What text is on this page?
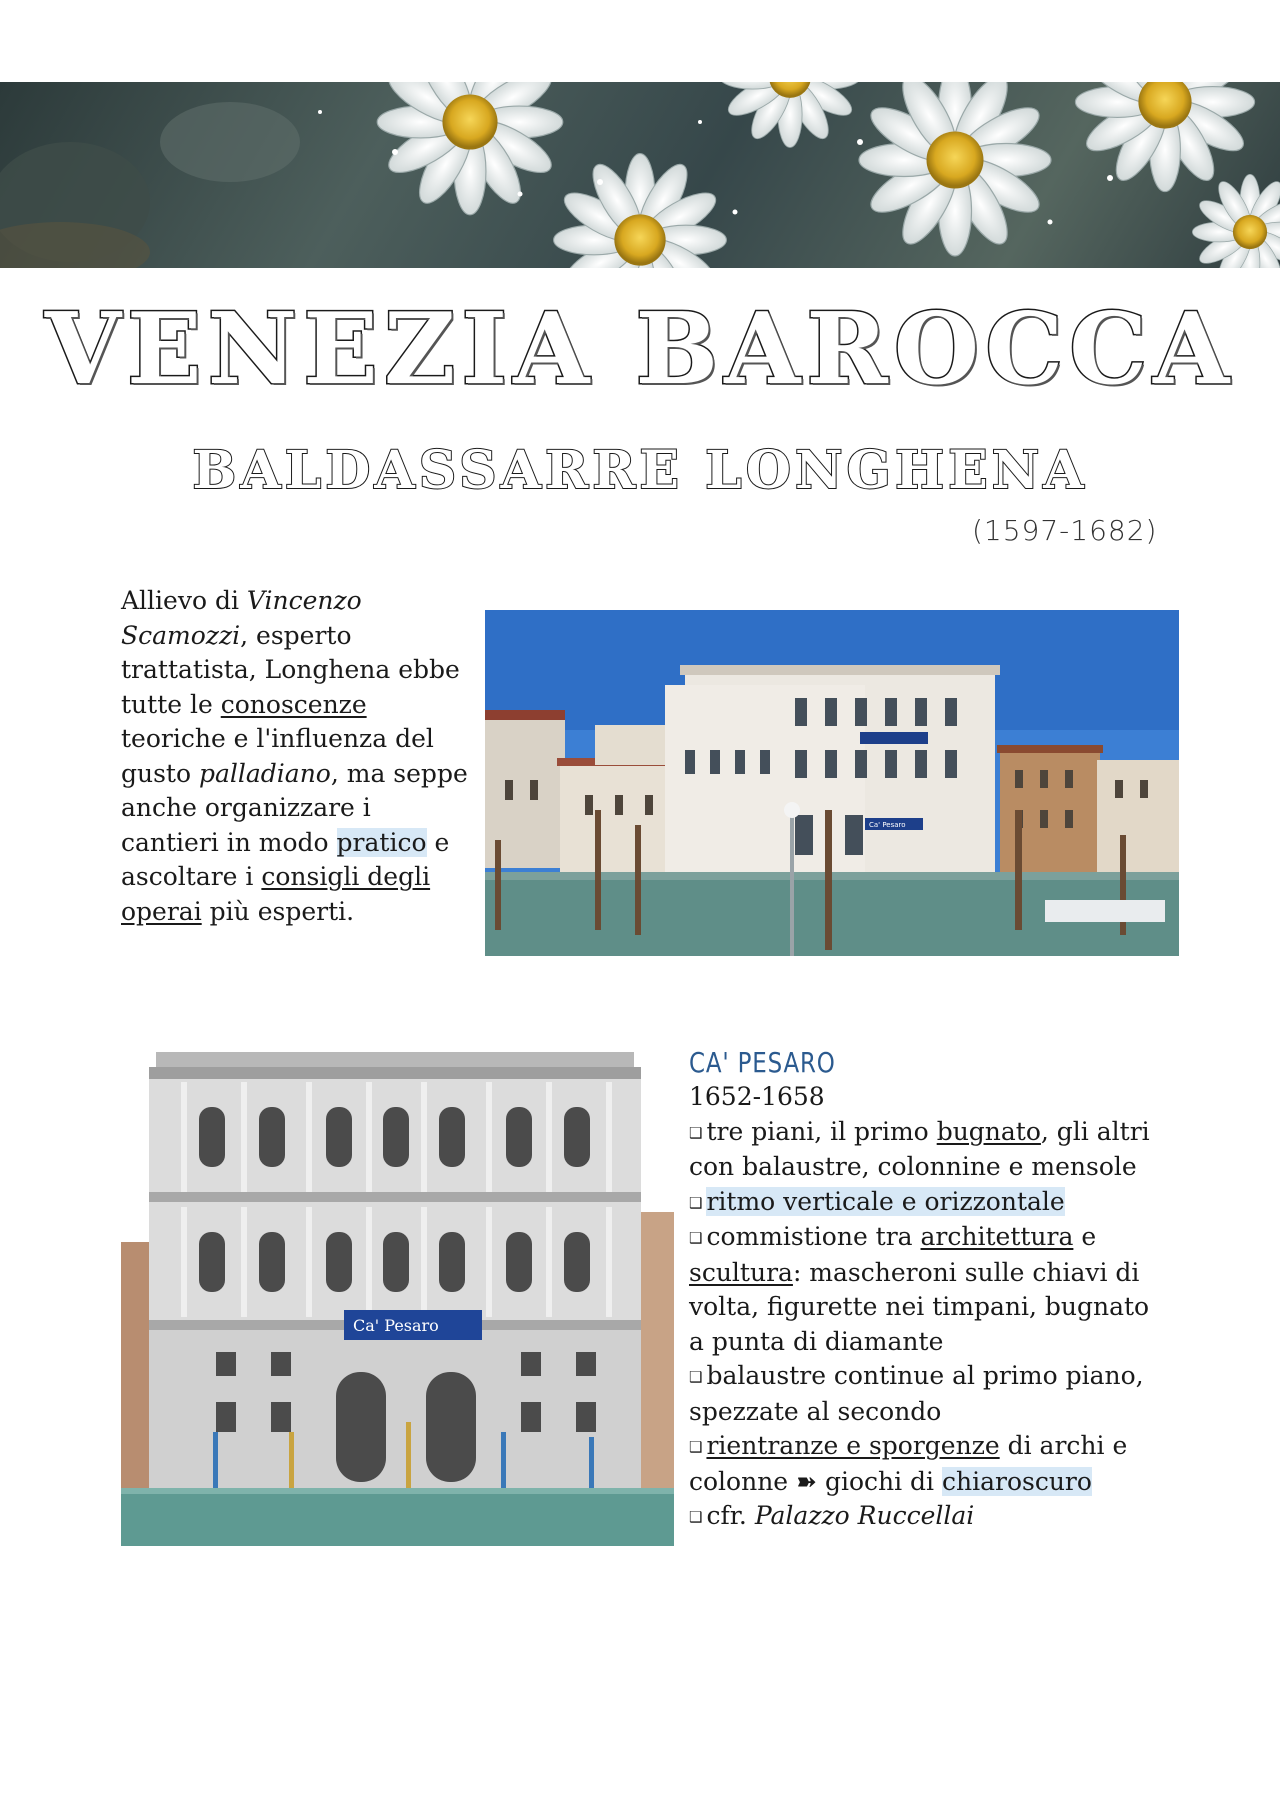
VENEZIA BAROCCA
BALDASSARRE LONGHENA
(1597-1682)
Allievo di Vincenzo Scamozzi, esperto trattatista, Longhena ebbe tutte le conoscenze teoriche e l'influenza del gusto palladiano, ma seppe anche organizzare i cantieri in modo pratico e ascoltare i consigli degli operai più esperti.
Ca' Pesaro
Ca' Pesaro
CA' PESARO
1652-1658
❑ tre piani, il primo bugnato, gli altri con balaustre, colonnine e mensole
❑ ritmo verticale e orizzontale
❑ commistione tra architettura e scultura: mascheroni sulle chiavi di volta, figurette nei timpani, bugnato a punta di diamante
❑ balaustre continue al primo piano, spezzate al secondo
❑ rientranze e sporgenze di archi e colonne ➽ giochi di chiaroscuro
❑ cfr. Palazzo Ruccellai
